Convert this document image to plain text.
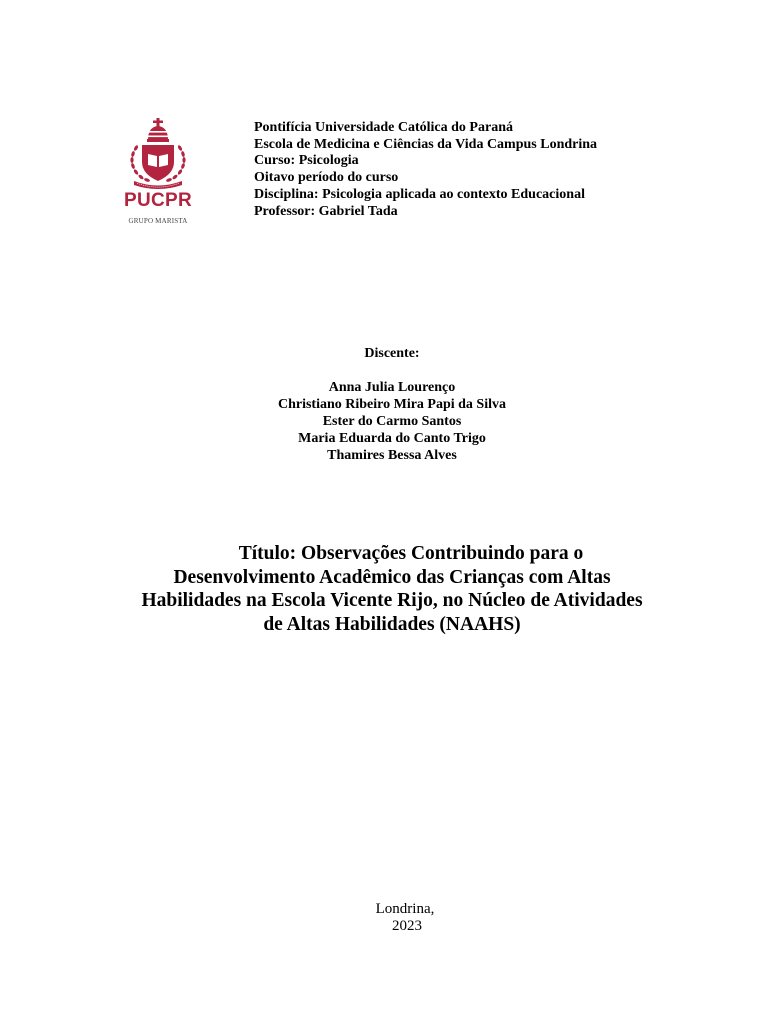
PUCPR
GRUPO MARISTA
Pontifícia Universidade Católica do Paraná
Escola de Medicina e Ciências da Vida Campus Londrina
Curso: Psicologia
Oitavo período do curso
Disciplina: Psicologia aplicada ao contexto Educacional
Professor: Gabriel Tada
Discente:
Anna Julia Lourenço
Christiano Ribeiro Mira Papi da Silva
Ester do Carmo Santos
Maria Eduarda do Canto Trigo
Thamires Bessa Alves
Título: Observações Contribuindo para o
Desenvolvimento Acadêmico das Crianças com Altas
Habilidades na Escola Vicente Rijo, no Núcleo de Atividades
de Altas Habilidades (NAAHS)
Londrina,
2023
